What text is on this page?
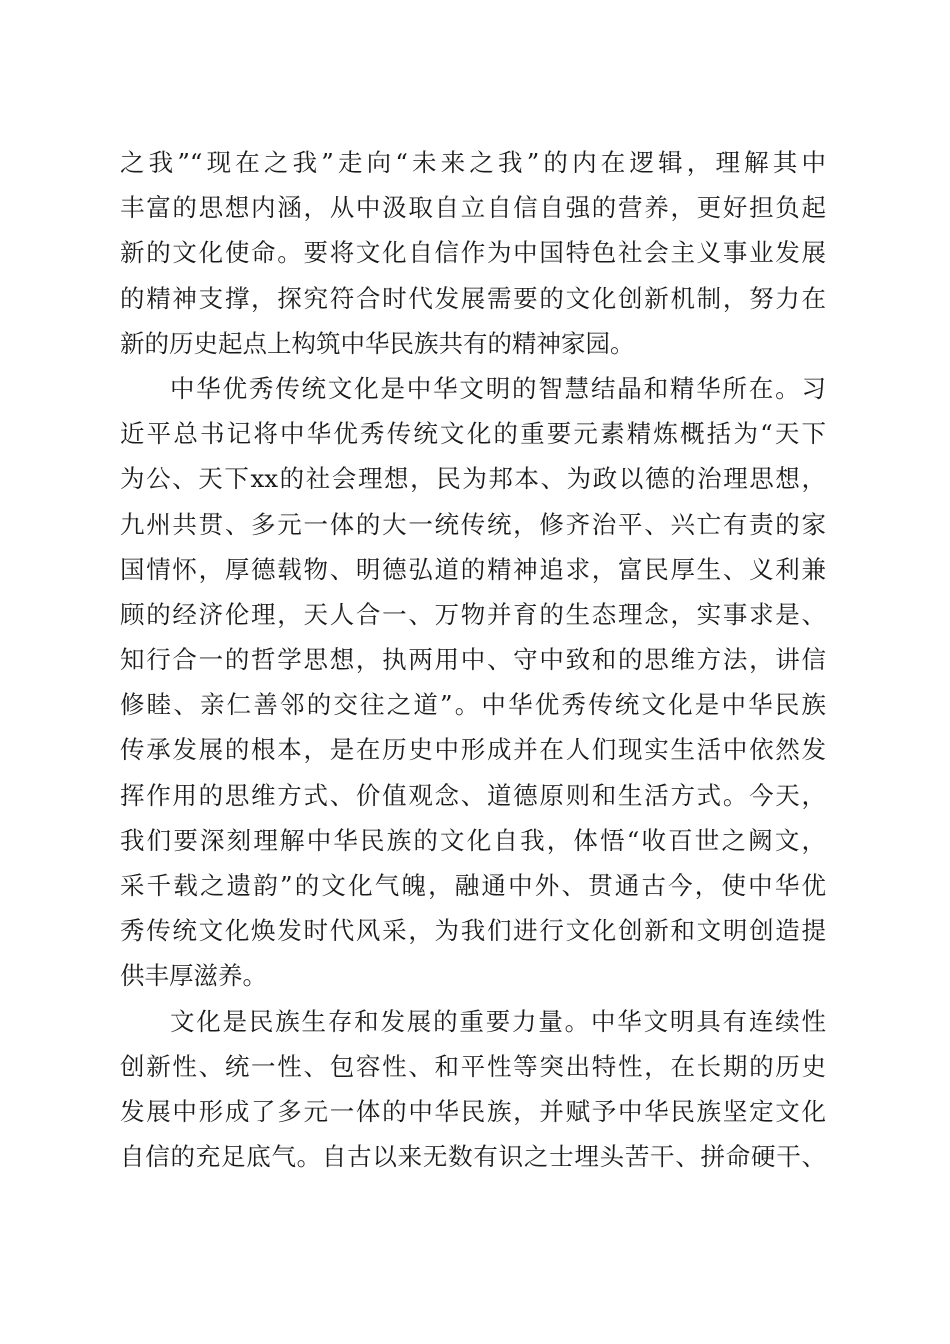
之我”“现在之我”走向“未来之我”的内在逻辑，理解其中
丰富的思想内涵，从中汲取自立自信自强的营养，更好担负起
新的文化使命。要将文化自信作为中国特色社会主义事业发展
的精神支撑，探究符合时代发展需要的文化创新机制，努力在
新的历史起点上构筑中华民族共有的精神家园。
中华优秀传统文化是中华文明的智慧结晶和精华所在。习
近平总书记将中华优秀传统文化的重要元素精炼概括为“天下
为公、天下xx的社会理想，民为邦本、为政以德的治理思想，
九州共贯、多元一体的大一统传统，修齐治平、兴亡有责的家
国情怀，厚德载物、明德弘道的精神追求，富民厚生、义利兼
顾的经济伦理，天人合一、万物并育的生态理念，实事求是、
知行合一的哲学思想，执两用中、守中致和的思维方法，讲信
修睦、亲仁善邻的交往之道”。中华优秀传统文化是中华民族
传承发展的根本，是在历史中形成并在人们现实生活中依然发
挥作用的思维方式、价值观念、道德原则和生活方式。今天，
我们要深刻理解中华民族的文化自我，体悟“收百世之阙文，
采千载之遗韵”的文化气魄，融通中外、贯通古今，使中华优
秀传统文化焕发时代风采，为我们进行文化创新和文明创造提
供丰厚滋养。
文化是民族生存和发展的重要力量。中华文明具有连续性
创新性、统一性、包容性、和平性等突出特性，在长期的历史
发展中形成了多元一体的中华民族，并赋予中华民族坚定文化
自信的充足底气。自古以来无数有识之士埋头苦干、拼命硬干、
